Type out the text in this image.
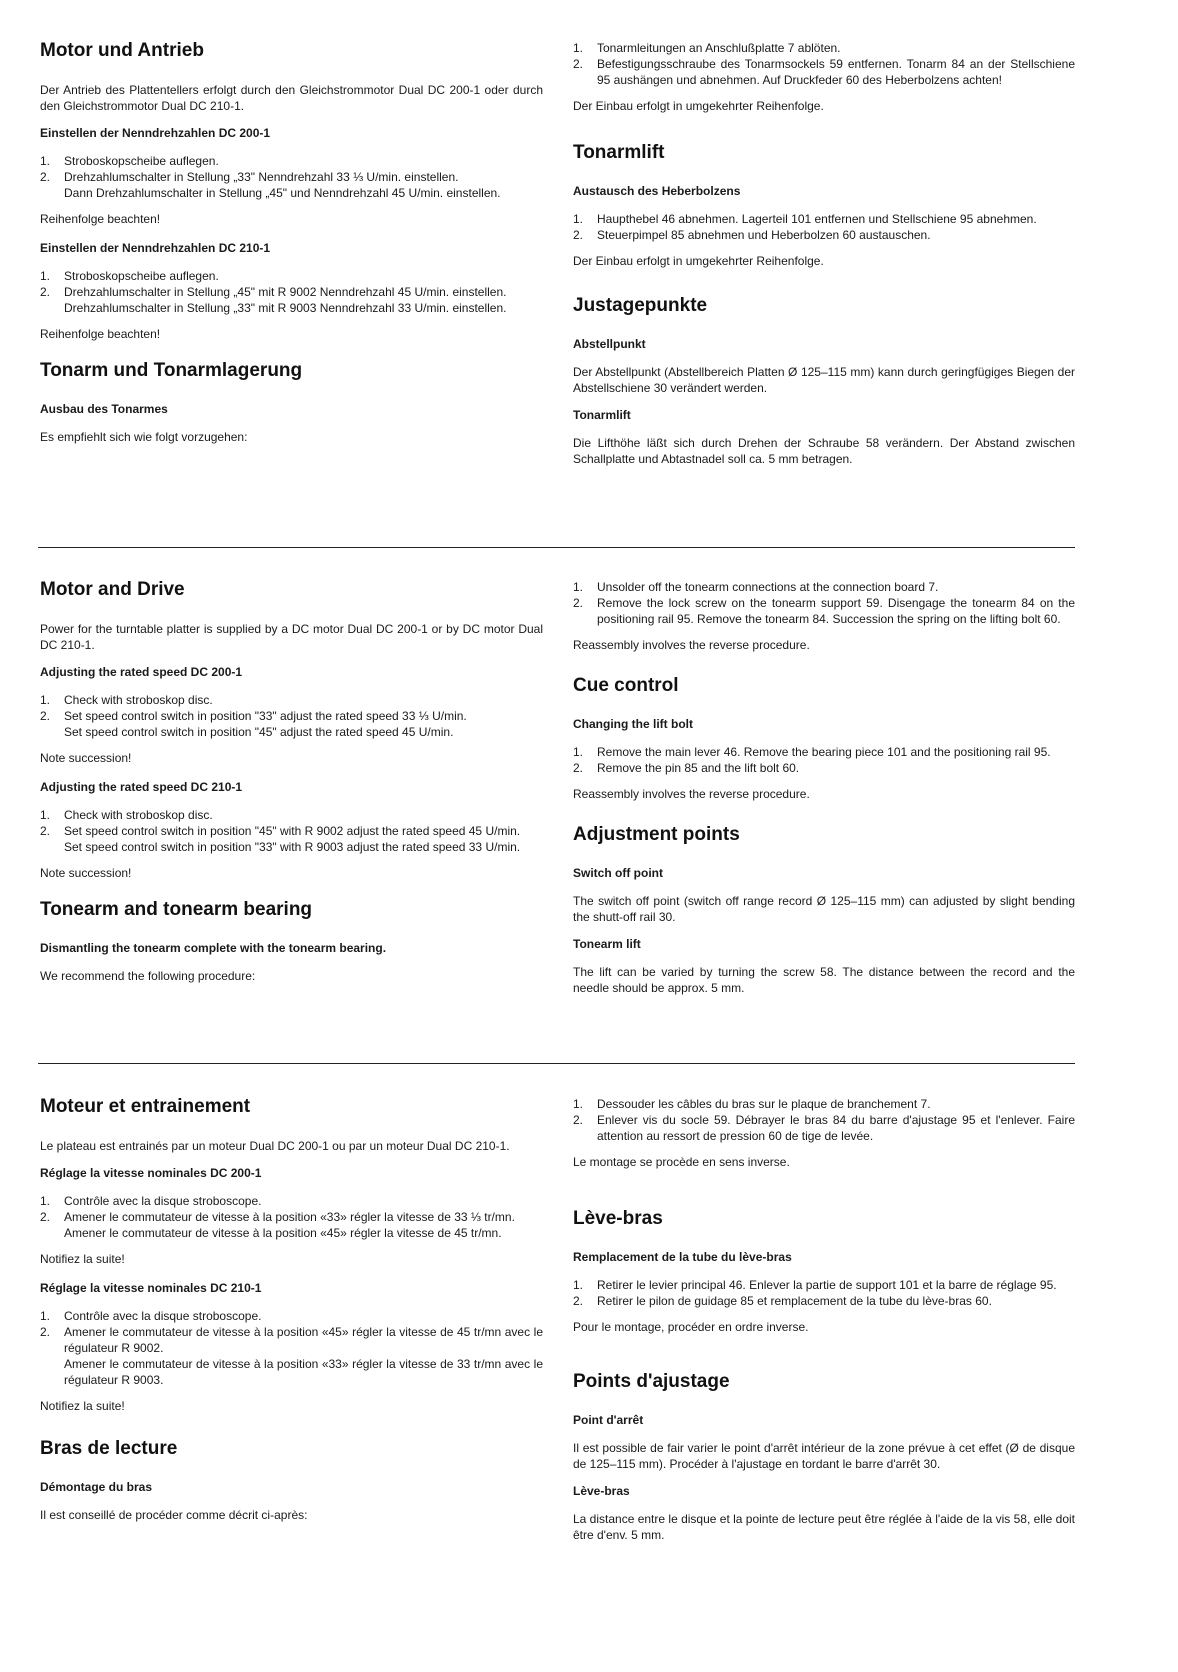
Motor und Antrieb

Der Antrieb des Plattentellers erfolgt durch den Gleichstrommotor Dual DC 200-1 oder durch den Gleichstrommotor Dual DC 210-1.

Einstellen der Nenndrehzahlen DC 200-1
1. Stroboskopscheibe auflegen.
2. Drehzahlumschalter in Stellung „33" Nenndrehzahl 33 ⅓ U/min. einstellen.
Dann Drehzahlumschalter in Stellung „45" und Nenndrehzahl 45 U/min. einstellen.

Reihenfolge beachten!

Einstellen der Nenndrehzahlen DC 210-1
1. Stroboskopscheibe auflegen.
2. Drehzahlumschalter in Stellung „45" mit R 9002 Nenndrehzahl 45 U/min. einstellen.
Drehzahlumschalter in Stellung „33" mit R 9003 Nenndrehzahl 33 U/min. einstellen.

Reihenfolge beachten!

Tonarm und Tonarmlagerung
Ausbau des Tonarmes

Es empfiehlt sich wie folgt vorzugehen:

1. Tonarmleitungen an Anschlußplatte 7 ablöten.
2. Befestigungsschraube des Tonarmsockels 59 entfernen. Tonarm 84 an der Stellschiene 95 aushängen und abnehmen. Auf Druckfeder 60 des Heberbolzens achten!

Der Einbau erfolgt in umgekehrter Reihenfolge.

Tonarmlift
Austausch des Heberbolzens
1. Haupthebel 46 abnehmen. Lagerteil 101 entfernen und Stellschiene 95 abnehmen.
2. Steuerpimpel 85 abnehmen und Heberbolzen 60 austauschen.

Der Einbau erfolgt in umgekehrter Reihenfolge.

Justagepunkte
Abstellpunkt

Der Abstellpunkt (Abstellbereich Platten Ø 125–115 mm) kann durch geringfügiges Biegen der Abstellschiene 30 verändert werden.

Tonarmlift

Die Lifthöhe läßt sich durch Drehen der Schraube 58 verändern. Der Abstand zwischen Schallplatte und Abtastnadel soll ca. 5 mm betragen.

Motor and Drive

Power for the turntable platter is supplied by a DC motor Dual DC 200-1 or by DC motor Dual DC 210-1.

Adjusting the rated speed DC 200-1
1. Check with stroboskop disc.
2. Set speed control switch in position "33" adjust the rated speed 33 ⅓ U/min.
Set speed control switch in position "45" adjust the rated speed 45 U/min.

Note succession!

Adjusting the rated speed DC 210-1
1. Check with stroboskop disc.
2. Set speed control switch in position "45" with R 9002 adjust the rated speed 45 U/min.
Set speed control switch in position "33" with R 9003 adjust the rated speed 33 U/min.

Note succession!

Tonearm and tonearm bearing
Dismantling the tonearm complete with the tonearm bearing.

We recommend the following procedure:

1. Unsolder off the tonearm connections at the connection board 7.
2. Remove the lock screw on the tonearm support 59. Disengage the tonearm 84 on the positioning rail 95. Remove the tonearm 84. Succession the spring on the lifting bolt 60.

Reassembly involves the reverse procedure.

Cue control
Changing the lift bolt
1. Remove the main lever 46. Remove the bearing piece 101 and the positioning rail 95.
2. Remove the pin 85 and the lift bolt 60.

Reassembly involves the reverse procedure.

Adjustment points
Switch off point

The switch off point (switch off range record Ø 125–115 mm) can adjusted by slight bending the shutt-off rail 30.

Tonearm lift

The lift can be varied by turning the screw 58. The distance between the record and the needle should be approx. 5 mm.

Moteur et entrainement

Le plateau est entrainés par un moteur Dual DC 200-1 ou par un moteur Dual DC 210-1.

Réglage la vitesse nominales DC 200-1
1. Contrôle avec la disque stroboscope.
2. Amener le commutateur de vitesse à la position «33» régler la vitesse de 33 ⅓ tr/mn.
Amener le commutateur de vitesse à la position «45» régler la vitesse de 45 tr/mn.

Notifiez la suite!

Réglage la vitesse nominales DC 210-1
1. Contrôle avec la disque stroboscope.
2. Amener le commutateur de vitesse à la position «45» régler la vitesse de 45 tr/mn avec le régulateur R 9002.
Amener le commutateur de vitesse à la position «33» régler la vitesse de 33 tr/mn avec le régulateur R 9003.

Notifiez la suite!

Bras de lecture
Démontage du bras

Il est conseillé de procéder comme décrit ci-après:

1. Dessouder les câbles du bras sur le plaque de branchement 7.
2. Enlever vis du socle 59. Débrayer le bras 84 du barre d'ajustage 95 et l'enlever. Faire attention au ressort de pression 60 de tige de levée.

Le montage se procède en sens inverse.

Lève-bras
Remplacement de la tube du lève-bras
1. Retirer le levier principal 46. Enlever la partie de support 101 et la barre de réglage 95.
2. Retirer le pilon de guidage 85 et remplacement de la tube du lève-bras 60.

Pour le montage, procéder en ordre inverse.

Points d'ajustage
Point d'arrêt

Il est possible de fair varier le point d'arrêt intérieur de la zone prévue à cet effet (Ø de disque de 125–115 mm). Procéder à l'ajustage en tordant le barre d'arrêt 30.

Lève-bras

La distance entre le disque et la pointe de lecture peut être réglée à l'aide de la vis 58, elle doit être d'env. 5 mm.
